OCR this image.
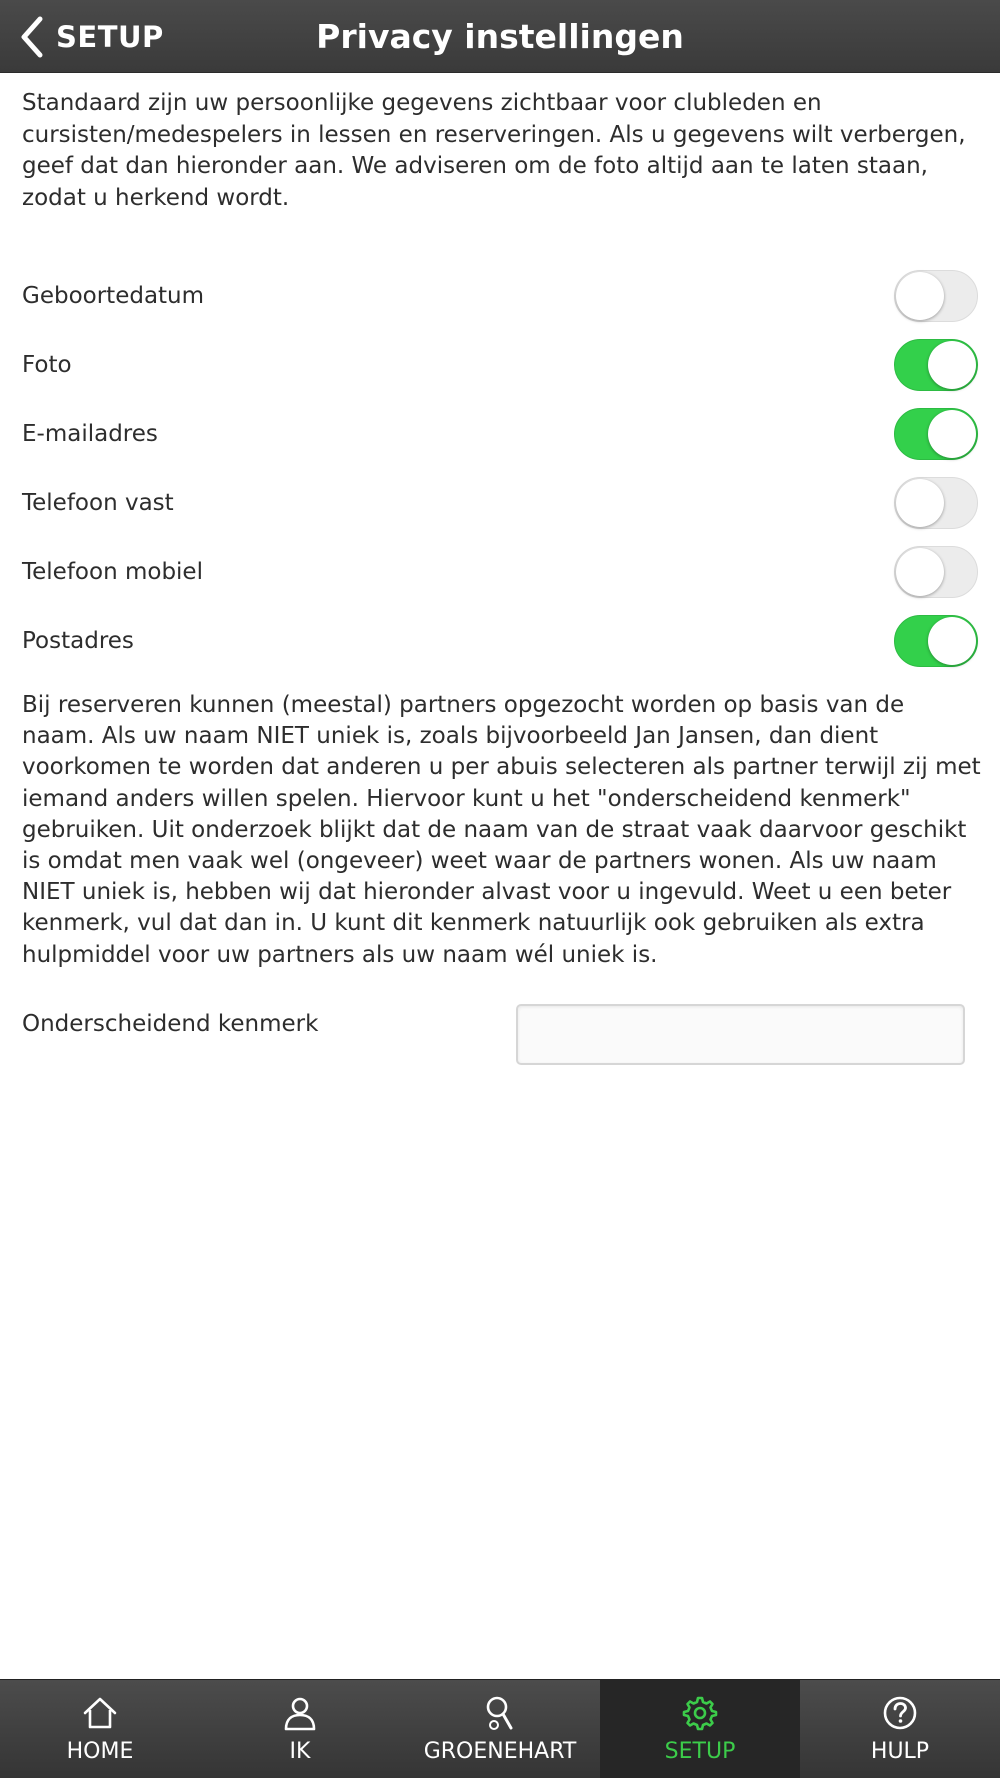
SETUP	Privacy instellingen

Standaard zijn uw persoonlijke gegevens zichtbaar voor clubleden en cursisten/medespelers in lessen en reserveringen. Als u gegevens wilt verbergen, geef dat dan hieronder aan. We adviseren om de foto altijd aan te laten staan, zodat u herkend wordt.

Geboortedatum
Foto
E-mailadres
Telefoon vast
Telefoon mobiel
Postadres

Bij reserveren kunnen (meestal) partners opgezocht worden op basis van de naam. Als uw naam NIET uniek is, zoals bijvoorbeeld Jan Jansen, dan dient voorkomen te worden dat anderen u per abuis selecteren als partner terwijl zij met iemand anders willen spelen. Hiervoor kunt u het "onderscheidend kenmerk" gebruiken. Uit onderzoek blijkt dat de naam van de straat vaak daarvoor geschikt is omdat men vaak wel (ongeveer) weet waar de partners wonen. Als uw naam NIET uniek is, hebben wij dat hieronder alvast voor u ingevuld. Weet u een beter kenmerk, vul dat dan in. U kunt dit kenmerk natuurlijk ook gebruiken als extra hulpmiddel voor uw partners als uw naam wél uniek is.

Onderscheidend kenmerk
HOME	IK	GROENEHART	SETUP	HULP
